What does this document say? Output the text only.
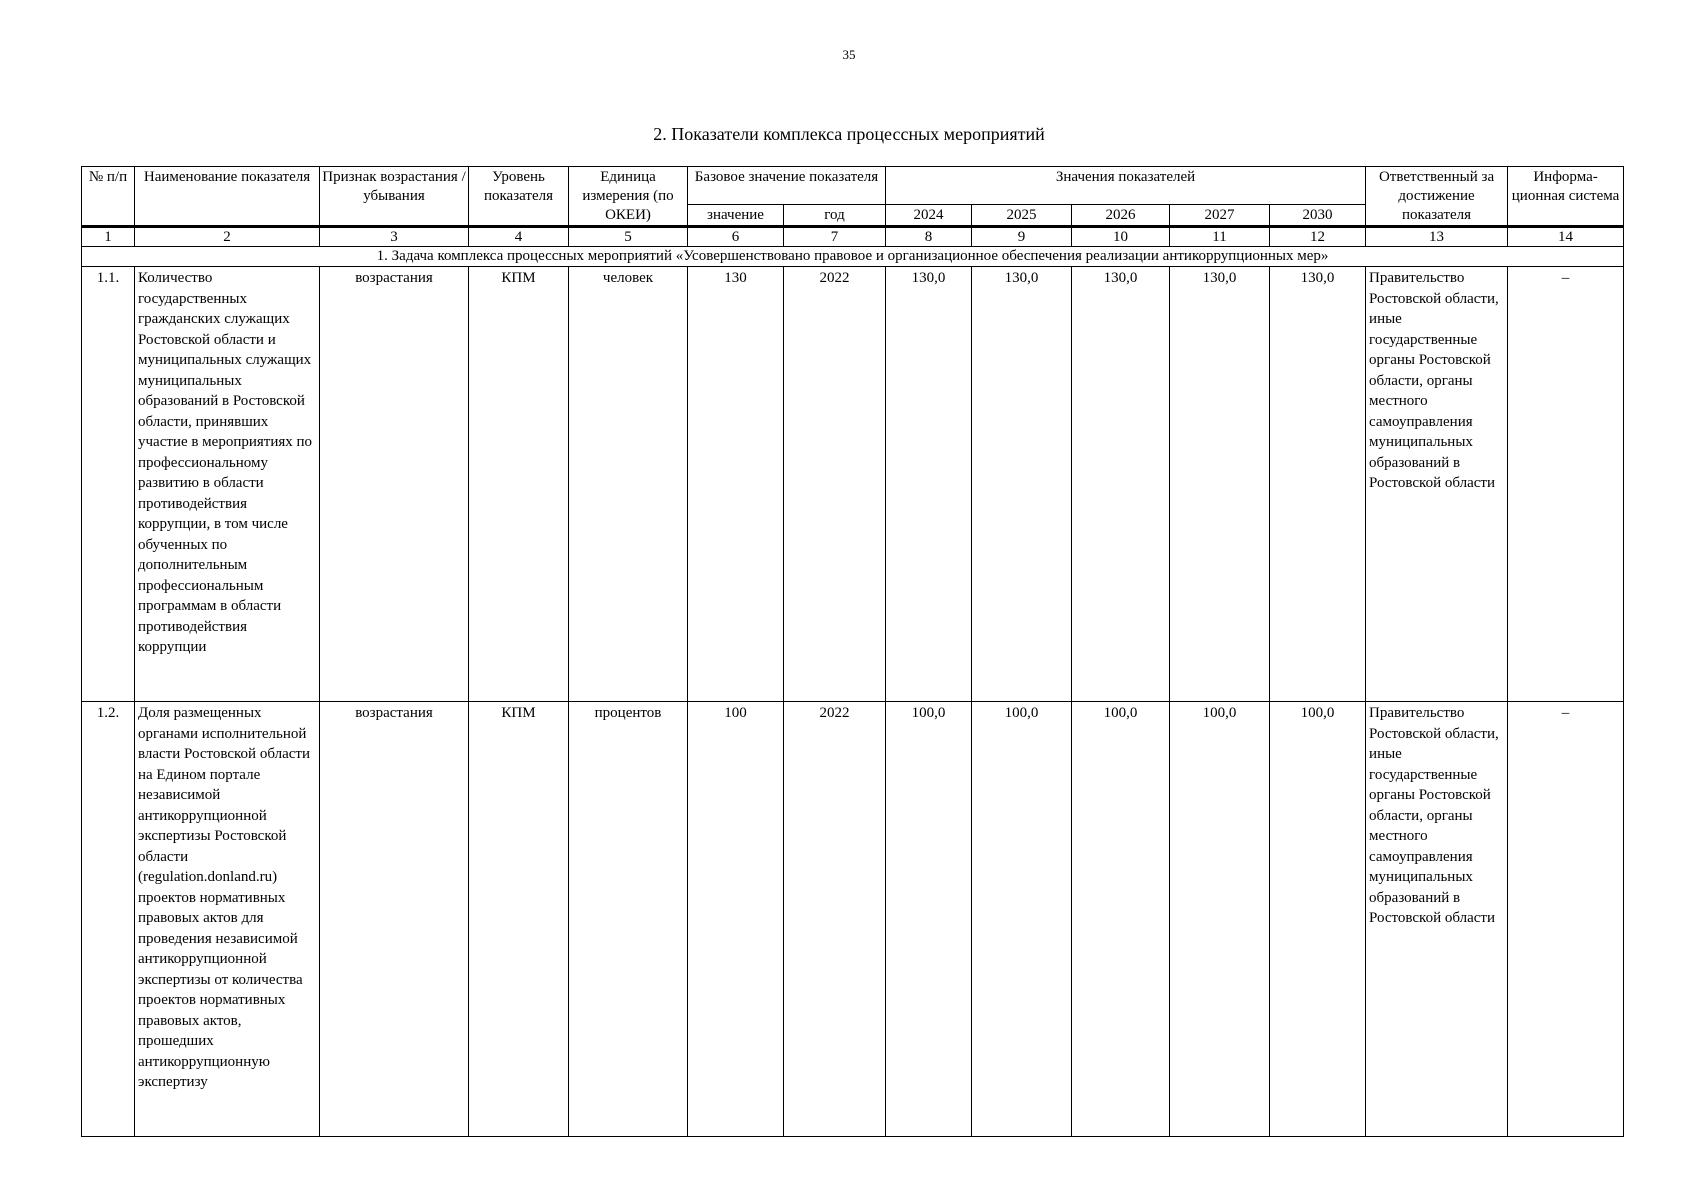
35
2. Показатели комплекса процессных мероприятий
№ п/п	Наименование показателя	Признак возрастания / убывания	Уровень показателя	Единица измерения (по ОКЕИ)	Базовое значение показателя		Значения показателей					Ответственный за достижение показателя	Информа-ционная система
					значение	год	2024	2025	2026	2027	2030		
1	2	3	4	5	6	7	8	9	10	11	12	13	14
1. Задача комплекса процессных мероприятий «Усовершенствовано правовое и организационное обеспечения реализации антикоррупционных мер»													
1.1.	Количество государственных гражданских служащих Ростовской области и муниципальных служащих муниципальных образований в Ростовской области, принявших участие в мероприятиях по профессиональному развитию в области противодействия коррупции, в том числе обученных по дополнительным профессиональным программам в области противодействия коррупции	возрастания	КПМ	человек	130	2022	130,0	130,0	130,0	130,0	130,0	Правительство Ростовской области, иные государственные органы Ростовской области, органы местного самоуправления муниципальных образований в Ростовской области	–
1.2.	Доля размещенных органами исполнительной власти Ростовской области на Едином портале независимой антикоррупционной экспертизы Ростовской области (regulation.donland.ru) проектов нормативных правовых актов для проведения независимой антикоррупционной экспертизы от количества проектов нормативных правовых актов, прошедших антикоррупционную экспертизу	возрастания	КПМ	процентов	100	2022	100,0	100,0	100,0	100,0	100,0	Правительство Ростовской области, иные государственные органы Ростовской области, органы местного самоуправления муниципальных образований в Ростовской области	–
